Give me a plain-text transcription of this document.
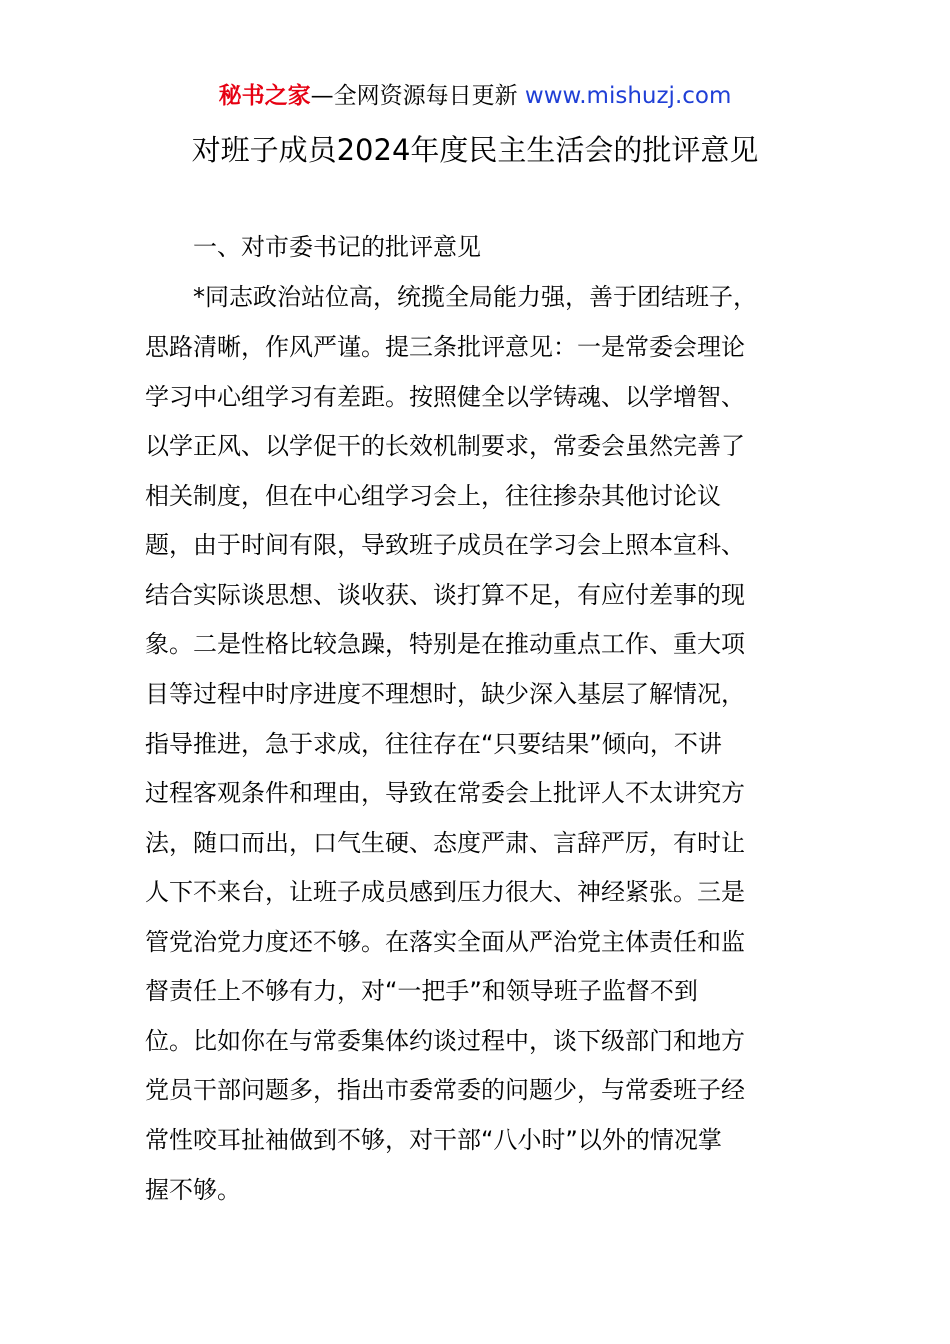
秘书之家—全网资源每日更新 www.mishuzj.com
对班子成员2024年度民主生活会的批评意见
一、对市委书记的批评意见
*同志政治站位高，统揽全局能力强，善于团结班子，
思路清晰，作风严谨。提三条批评意见：一是常委会理论
学习中心组学习有差距。按照健全以学铸魂、以学增智、
以学正风、以学促干的长效机制要求，常委会虽然完善了
相关制度，但在中心组学习会上，往往掺杂其他讨论议
题，由于时间有限，导致班子成员在学习会上照本宣科、
结合实际谈思想、谈收获、谈打算不足，有应付差事的现
象。二是性格比较急躁，特别是在推动重点工作、重大项
目等过程中时序进度不理想时，缺少深入基层了解情况，
指导推进，急于求成，往往存在“只要结果”倾向，不讲
过程客观条件和理由，导致在常委会上批评人不太讲究方
法，随口而出，口气生硬、态度严肃、言辞严厉，有时让
人下不来台，让班子成员感到压力很大、神经紧张。三是
管党治党力度还不够。在落实全面从严治党主体责任和监
督责任上不够有力，对“一把手”和领导班子监督不到
位。比如你在与常委集体约谈过程中，谈下级部门和地方
党员干部问题多，指出市委常委的问题少，与常委班子经
常性咬耳扯袖做到不够，对干部“八小时”以外的情况掌
握不够。
